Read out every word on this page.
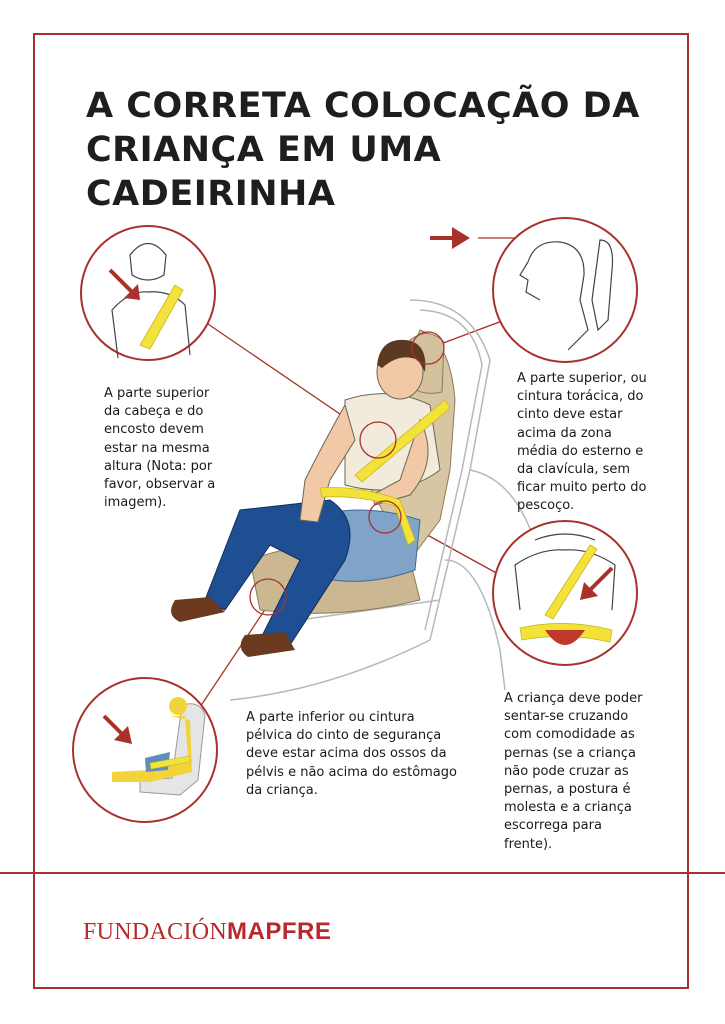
A CORRETA COLOCAÇÃO DA
CRIANÇA EM UMA CADEIRINHA
A parte superior
da cabeça e do
encosto devem
estar na mesma
altura (Nota: por
favor, observar a
imagem).
A parte superior, ou
cintura torácica, do
cinto deve estar
acima da zona
média do esterno e
da clavícula, sem
ficar muito perto do
pescoço.
A parte inferior ou cintura
pélvica do cinto de segurança
deve estar acima dos ossos da
pélvis e não acima do estômago
da criança.
A criança deve poder
sentar-se cruzando
com comodidade as
pernas (se a criança
não pode cruzar as
pernas, a postura é
molesta e a criança
escorrega para frente).
FUNDACIÓNMAPFRE
